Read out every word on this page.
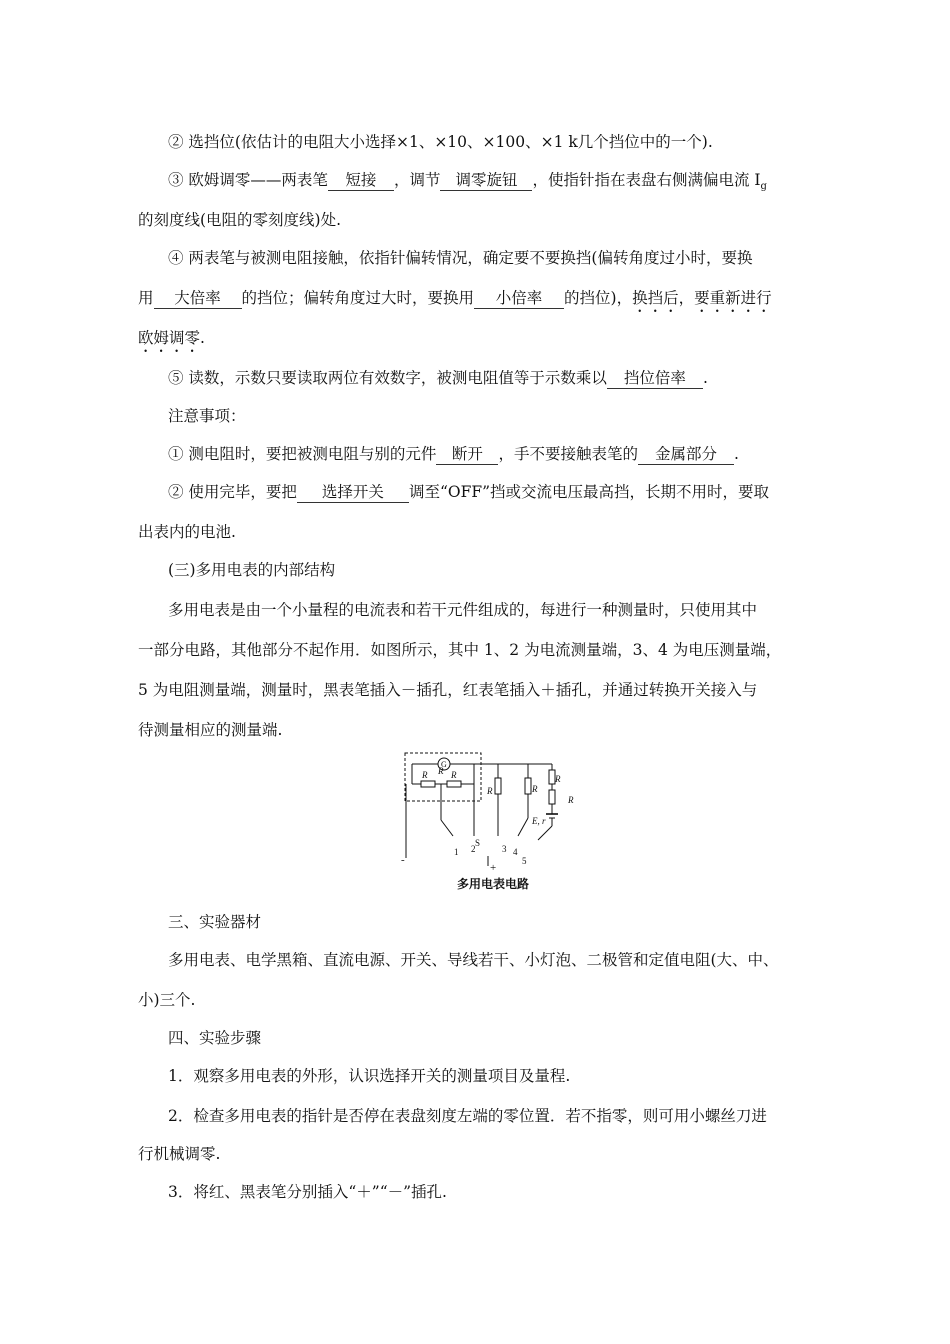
② 选挡位(依估计的电阻大小选择×1、×10、×100、×1 k几个挡位中的一个).
③ 欧姆调零——两表笔 短接 ，调节 调零旋钮 ，使指针指在表盘右侧满偏电流 $I_g$
的刻度线(电阻的零刻度线)处.
④ 两表笔与被测电阻接触，依指针偏转情况，确定要不要换挡(偏转角度过小时，要换
用 大倍率 的挡位；偏转角度过大时，要换用 小倍率 的挡位)，换挡后，要重新进行
欧姆调零.
⑤ 读数，示数只要读取两位有效数字，被测电阻值等于示数乘以 挡位倍率 .
注意事项：
① 测电阻时，要把被测电阻与别的元件 断开 ，手不要接触表笔的 金属部分 .
② 使用完毕，要把 选择开关 调至“OFF”挡或交流电压最高挡，长期不用时，要取
出表内的电池.
(三)多用电表的内部结构
多用电表是由一个小量程的电流表和若干元件组成的，每进行一种测量时，只使用其中
一部分电路，其他部分不起作用．如图所示，其中 1、2 为电流测量端，3、4 为电压测量端，
5 为电阻测量端，测量时，黑表笔插入－插孔，红表笔插入＋插孔，并通过转换开关接入与
待测量相应的测量端.
G
R R R
-
R
R
R	R
E, r
S
1 2	3 4
5
+
多用电表电路
三、实验器材
多用电表、电学黑箱、直流电源、开关、导线若干、小灯泡、二极管和定值电阻(大、中、
小)三个.
四、实验步骤
1．观察多用电表的外形，认识选择开关的测量项目及量程.
2．检查多用电表的指针是否停在表盘刻度左端的零位置．若不指零，则可用小螺丝刀进
行机械调零.
3．将红、黑表笔分别插入“＋”“－”插孔.
